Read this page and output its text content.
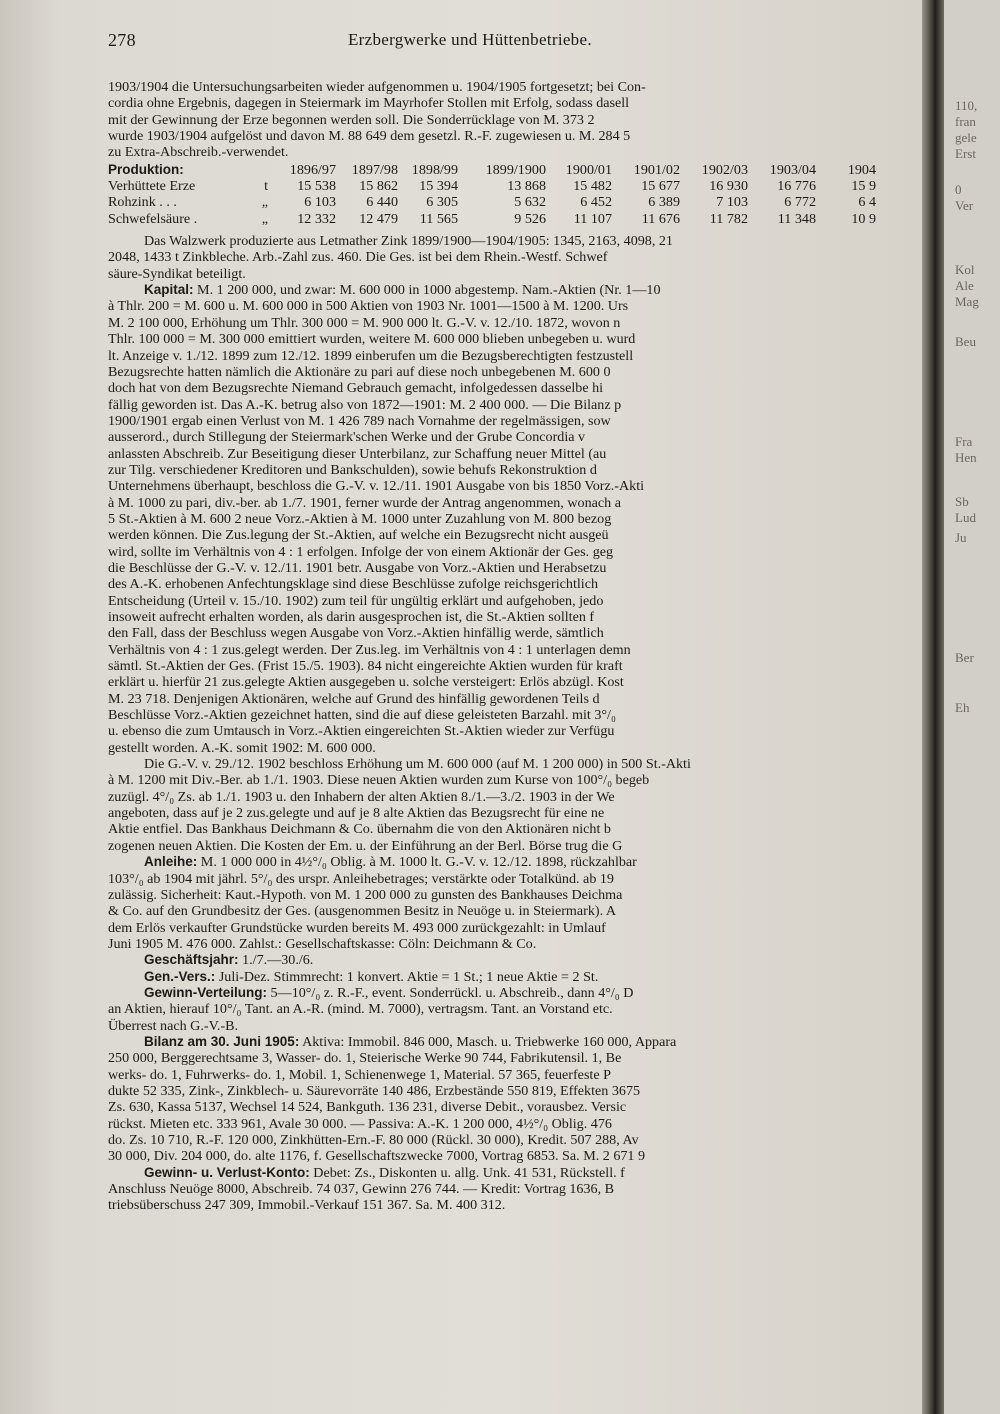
110,
fran
gele
Erst
0
Ver
Kol
Ale
Mag
Beu
Fra
Hen
Sb
Lud
Ju
Ber
Eh
278	Erzbergwerke und Hüttenbetriebe.
1903/1904 die Untersuchungsarbeiten wieder aufgenommen u. 1904/1905 fortgesetzt; bei Con-
cordia ohne Ergebnis, dagegen in Steiermark im Mayrhofer Stollen mit Erfolg, sodass dasell
mit der Gewinnung der Erze begonnen werden soll. Die Sonderrücklage von M. 373 2
wurde 1903/1904 aufgelöst und davon M. 88 649 dem gesetzl. R.-F. zugewiesen u. M. 284 5
zu Extra-Abschreib.-verwendet.
Produktion:	1896/97	1897/98	1898/99	1899/1900	1900/01	1901/02	1902/03	1903/04	1904
Verhüttete Erze t	15 538	15 862	15 394	13 868	15 482	15 677	16 930	16 776	15 9
Rohzink . . . „	6 103	6 440	6 305	5 632	6 452	6 389	7 103	6 772	6 4
Schwefelsäure . „	12 332	12 479	11 565	9 526	11 107	11 676	11 782	11 348	10 9
Das Walzwerk produzierte aus Letmather Zink 1899/1900—1904/1905: 1345, 2163, 4098, 21
2048, 1433 t Zinkbleche. Arb.-Zahl zus. 460. Die Ges. ist bei dem Rhein.-Westf. Schwef
säure-Syndikat beteiligt.
Kapital: M. 1 200 000, und zwar: M. 600 000 in 1000 abgestemp. Nam.-Aktien (Nr. 1—10
à Thlr. 200 = M. 600 u. M. 600 000 in 500 Aktien von 1903 Nr. 1001—1500 à M. 1200. Urs
M. 2 100 000, Erhöhung um Thlr. 300 000 = M. 900 000 lt. G.-V. v. 12./10. 1872, wovon n
Thlr. 100 000 = M. 300 000 emittiert wurden, weitere M. 600 000 blieben unbegeben u. wurd
lt. Anzeige v. 1./12. 1899 zum 12./12. 1899 einberufen um die Bezugsberechtigten festzustell
Bezugsrechte hatten nämlich die Aktionäre zu pari auf diese noch unbegebenen M. 600 0
doch hat von dem Bezugsrechte Niemand Gebrauch gemacht, infolgedessen dasselbe hi
fällig geworden ist. Das A.-K. betrug also von 1872—1901: M. 2 400 000. — Die Bilanz p
1900/1901 ergab einen Verlust von M. 1 426 789 nach Vornahme der regelmässigen, sow
ausserord., durch Stillegung der Steiermark'schen Werke und der Grube Concordia v
anlassten Abschreib. Zur Beseitigung dieser Unterbilanz, zur Schaffung neuer Mittel (au
zur Tilg. verschiedener Kreditoren und Bankschulden), sowie behufs Rekonstruktion d
Unternehmens überhaupt, beschloss die G.-V. v. 12./11. 1901 Ausgabe von bis 1850 Vorz.-Akti
à M. 1000 zu pari, div.-ber. ab 1./7. 1901, ferner wurde der Antrag angenommen, wonach a
5 St.-Aktien à M. 600 2 neue Vorz.-Aktien à M. 1000 unter Zuzahlung von M. 800 bezog
werden können. Die Zus.legung der St.-Aktien, auf welche ein Bezugsrecht nicht ausgeü
wird, sollte im Verhältnis von 4 : 1 erfolgen. Infolge der von einem Aktionär der Ges. geg
die Beschlüsse der G.-V. v. 12./11. 1901 betr. Ausgabe von Vorz.-Aktien und Herabsetzu
des A.-K. erhobenen Anfechtungsklage sind diese Beschlüsse zufolge reichsgerichtlich
Entscheidung (Urteil v. 15./10. 1902) zum teil für ungültig erklärt und aufgehoben, jedo
insoweit aufrecht erhalten worden, als darin ausgesprochen ist, die St.-Aktien sollten f
den Fall, dass der Beschluss wegen Ausgabe von Vorz.-Aktien hinfällig werde, sämtlich
Verhältnis von 4 : 1 zus.gelegt werden. Der Zus.leg. im Verhältnis von 4 : 1 unterlagen demn
sämtl. St.-Aktien der Ges. (Frist 15./5. 1903). 84 nicht eingereichte Aktien wurden für kraft
erklärt u. hierfür 21 zus.gelegte Aktien ausgegeben u. solche versteigert: Erlös abzügl. Kost
M. 23 718. Denjenigen Aktionären, welche auf Grund des hinfällig gewordenen Teils d
Beschlüsse Vorz.-Aktien gezeichnet hatten, sind die auf diese geleisteten Barzahl. mit 3°/₀
u. ebenso die zum Umtausch in Vorz.-Aktien eingereichten St.-Aktien wieder zur Verfügu
gestellt worden. A.-K. somit 1902: M. 600 000.
Die G.-V. v. 29./12. 1902 beschloss Erhöhung um M. 600 000 (auf M. 1 200 000) in 500 St.-Akti
à M. 1200 mit Div.-Ber. ab 1./1. 1903. Diese neuen Aktien wurden zum Kurse von 100°/₀ begeb
zuzügl. 4°/₀ Zs. ab 1./1. 1903 u. den Inhabern der alten Aktien 8./1.—3./2. 1903 in der We
angeboten, dass auf je 2 zus.gelegte und auf je 8 alte Aktien das Bezugsrecht für eine ne
Aktie entfiel. Das Bankhaus Deichmann & Co. übernahm die von den Aktionären nicht b
zogenen neuen Aktien. Die Kosten der Em. u. der Einführung an der Berl. Börse trug die G
Anleihe: M. 1 000 000 in 4½°/₀ Oblig. à M. 1000 lt. G.-V. v. 12./12. 1898, rückzahlbar
103°/₀ ab 1904 mit jährl. 5°/₀ des urspr. Anleihebetrages; verstärkte oder Totalkünd. ab 19
zulässig. Sicherheit: Kaut.-Hypoth. von M. 1 200 000 zu gunsten des Bankhauses Deichma
& Co. auf den Grundbesitz der Ges. (ausgenommen Besitz in Neuöge u. in Steiermark). A
dem Erlös verkaufter Grundstücke wurden bereits M. 493 000 zurückgezahlt: in Umlauf
Juni 1905 M. 476 000. Zahlst.: Gesellschaftskasse: Cöln: Deichmann & Co.
Geschäftsjahr: 1./7.—30./6.
Gen.-Vers.: Juli-Dez. Stimmrecht: 1 konvert. Aktie = 1 St.; 1 neue Aktie = 2 St.
Gewinn-Verteilung: 5—10°/₀ z. R.-F., event. Sonderrückl. u. Abschreib., dann 4°/₀ D
an Aktien, hierauf 10°/₀ Tant. an A.-R. (mind. M. 7000), vertragsm. Tant. an Vorstand etc.
Überrest nach G.-V.-B.
Bilanz am 30. Juni 1905: Aktiva: Immobil. 846 000, Masch. u. Triebwerke 160 000, Appara
250 000, Berggerechtsame 3, Wasser- do. 1, Steierische Werke 90 744, Fabrikutensil. 1, Be
werks- do. 1, Fuhrwerks- do. 1, Mobil. 1, Schienenwege 1, Material. 57 365, feuerfeste P
dukte 52 335, Zink-, Zinkblech- u. Säurevorräte 140 486, Erzbestände 550 819, Effekten 3675
Zs. 630, Kassa 5137, Wechsel 14 524, Bankguth. 136 231, diverse Debit., vorausbez. Versic
rückst. Mieten etc. 333 961, Avale 30 000. — Passiva: A.-K. 1 200 000, 4½°/₀ Oblig. 476
do. Zs. 10 710, R.-F. 120 000, Zinkhütten-Ern.-F. 80 000 (Rückl. 30 000), Kredit. 507 288, Av
30 000, Div. 204 000, do. alte 1176, f. Gesellschaftszwecke 7000, Vortrag 6853. Sa. M. 2 671 9
Gewinn- u. Verlust-Konto: Debet: Zs., Diskonten u. allg. Unk. 41 531, Rückstell. f
Anschluss Neuöge 8000, Abschreib. 74 037, Gewinn 276 744. — Kredit: Vortrag 1636, B
triebsüberschuss 247 309, Immobil.-Verkauf 151 367. Sa. M. 400 312.
